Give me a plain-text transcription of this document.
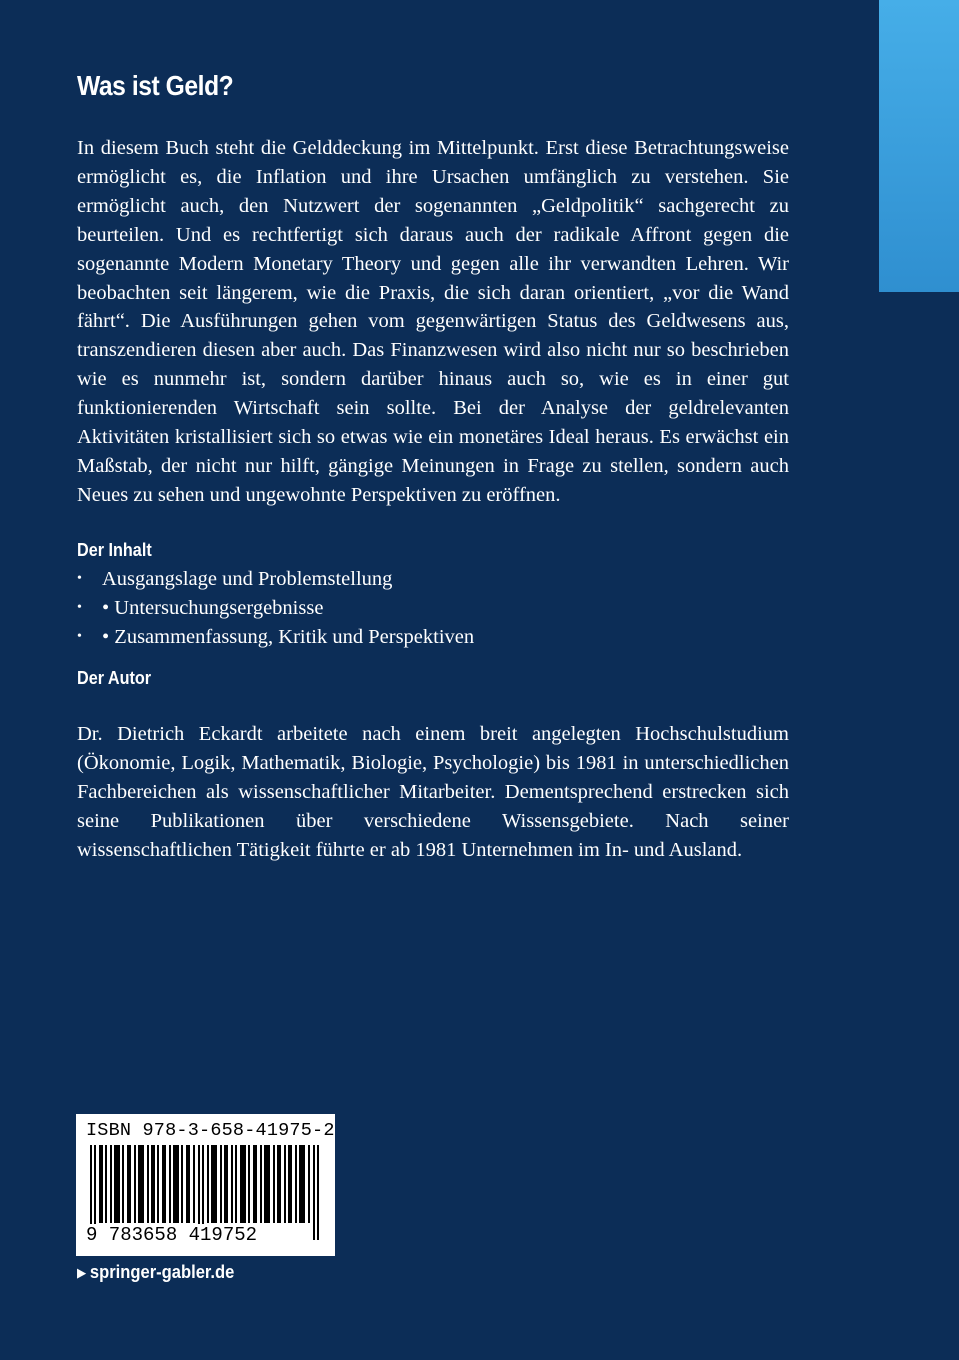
Was ist Geld?

In diesem Buch steht die Gelddeckung im Mittelpunkt. Erst diese Betrachtungsweise ermöglicht es, die Inflation und ihre Ursachen umfänglich zu verstehen. Sie ermöglicht auch, den Nutzwert der sogenannten „Geldpolitik“ sachgerecht zu beurteilen. Und es rechtfertigt sich daraus auch der radikale Affront gegen die sogenannte Modern Monetary Theory und gegen alle ihr verwandten Lehren. Wir beobachten seit längerem, wie die Praxis, die sich daran orientiert, „vor die Wand fährt“. Die Ausführungen gehen vom gegenwärtigen Status des Geldwesens aus, transzendieren diesen aber auch. Das Finanzwesen wird also nicht nur so beschrieben wie es nunmehr ist, sondern darüber hinaus auch so, wie es in einer gut funktionierenden Wirtschaft sein sollte. Bei der Analyse der geldrelevanten Aktivitäten kristallisiert sich so etwas wie ein monetäres Ideal heraus. Es erwächst ein Maßstab, der nicht nur hilft, gängige Meinungen in Frage zu stellen, sondern auch Neues zu sehen und ungewohnte Perspektiven zu eröffnen.

Der Inhalt
• Ausgangslage und Problemstellung
• • Untersuchungsergebnisse
• • Zusammenfassung, Kritik und Perspektiven
Der Autor

Dr. Dietrich Eckardt arbeitete nach einem breit angelegten Hochschulstudium (Ökonomie, Logik, Mathematik, Biologie, Psychologie) bis 1981 in unterschiedlichen Fachbereichen als wissenschaftlicher Mitarbeiter. Dementsprechend erstrecken sich seine Publikationen über verschiedene Wissensgebiete. Nach seiner wissenschaftlichen Tätigkeit führte er ab 1981 Unternehmen im In- und Ausland.

ISBN 978-3-658-41975-2
9 783658 419752
▶ springer-gabler.de
